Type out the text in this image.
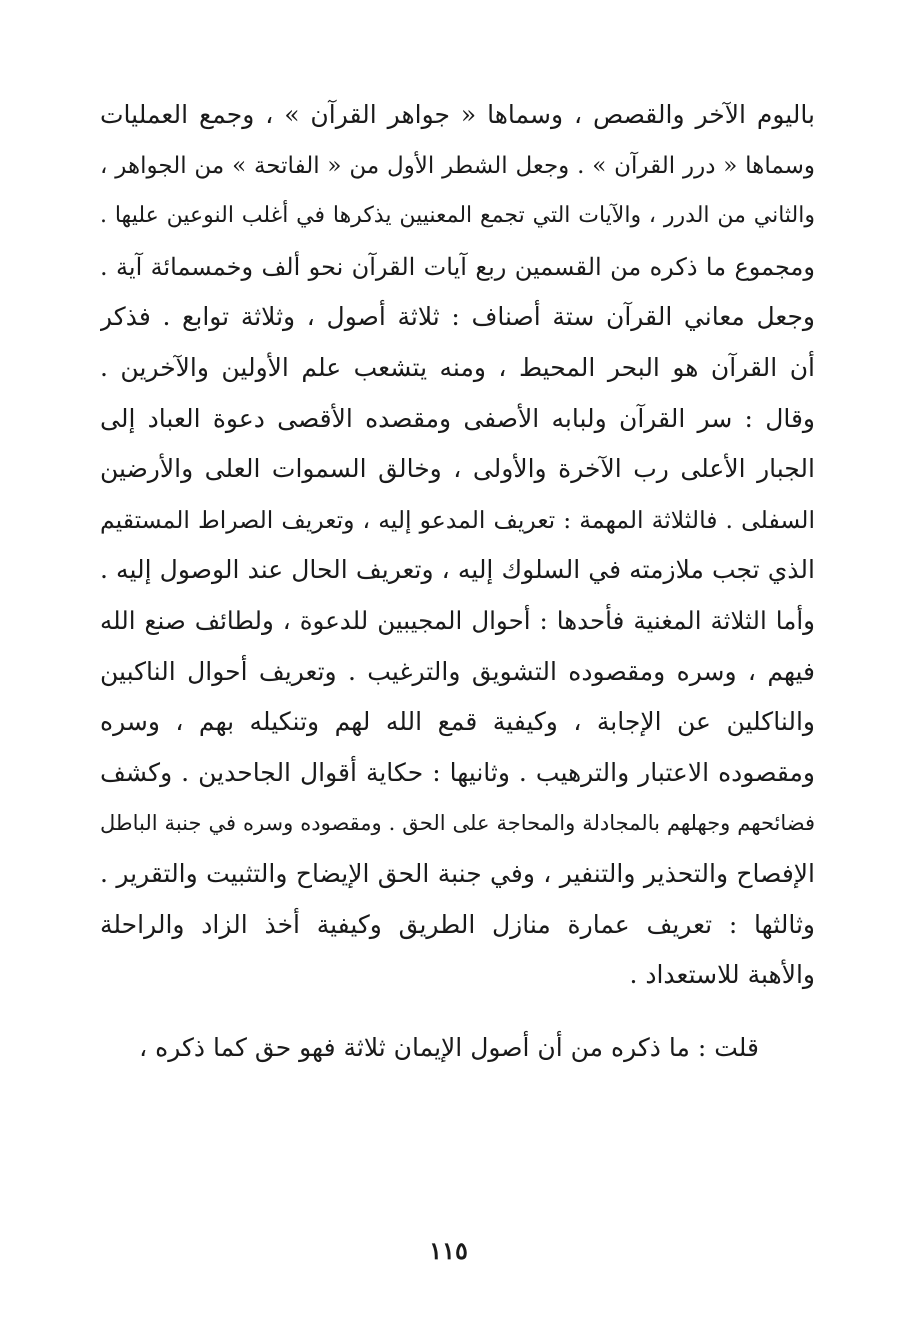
باليوم الآخر والقصص ، وسماها « جواهر القرآن » ، وجمع العمليات
وسماها « درر القرآن » . وجعل الشطر الأول من « الفاتحة » من الجواهر ،
والثاني من الدرر ، والآيات التي تجمع المعنيين يذكرها في أغلب النوعين عليها .
ومجموع ما ذكره من القسمين ربع آيات القرآن نحو ألف وخمسمائة آية .
وجعل معاني القرآن ستة أصناف : ثلاثة أصول ، وثلاثة توابع . فذكر
أن القرآن هو البحر المحيط ، ومنه يتشعب علم الأولين والآخرين .
وقال : سر القرآن ولبابه الأصفى ومقصده الأقصى دعوة العباد إلى
الجبار الأعلى رب الآخرة والأولى ، وخالق السموات العلى والأرضين
السفلى . فالثلاثة المهمة : تعريف المدعو إليه ، وتعريف الصراط المستقيم
الذي تجب ملازمته في السلوك إليه ، وتعريف الحال عند الوصول إليه .
وأما الثلاثة المغنية فأحدها : أحوال المجيبين للدعوة ، ولطائف صنع الله
فيهم ، وسره ومقصوده التشويق والترغيب . وتعريف أحوال الناكبين
والناكلين عن الإجابة ، وكيفية قمع الله لهم وتنكيله بهم ، وسره
ومقصوده الاعتبار والترهيب . وثانيها : حكاية أقوال الجاحدين . وكشف
فضائحهم وجهلهم بالمجادلة والمحاجة على الحق . ومقصوده وسره في جنبة الباطل
الإفصاح والتحذير والتنفير ، وفي جنبة الحق الإيضاح والتثبيت والتقرير .
وثالثها : تعريف عمارة منازل الطريق وكيفية أخذ الزاد والراحلة
والأهبة للاستعداد .
قلت : ما ذكره من أن أصول الإيمان ثلاثة فهو حق كما ذكره ،
١١٥
